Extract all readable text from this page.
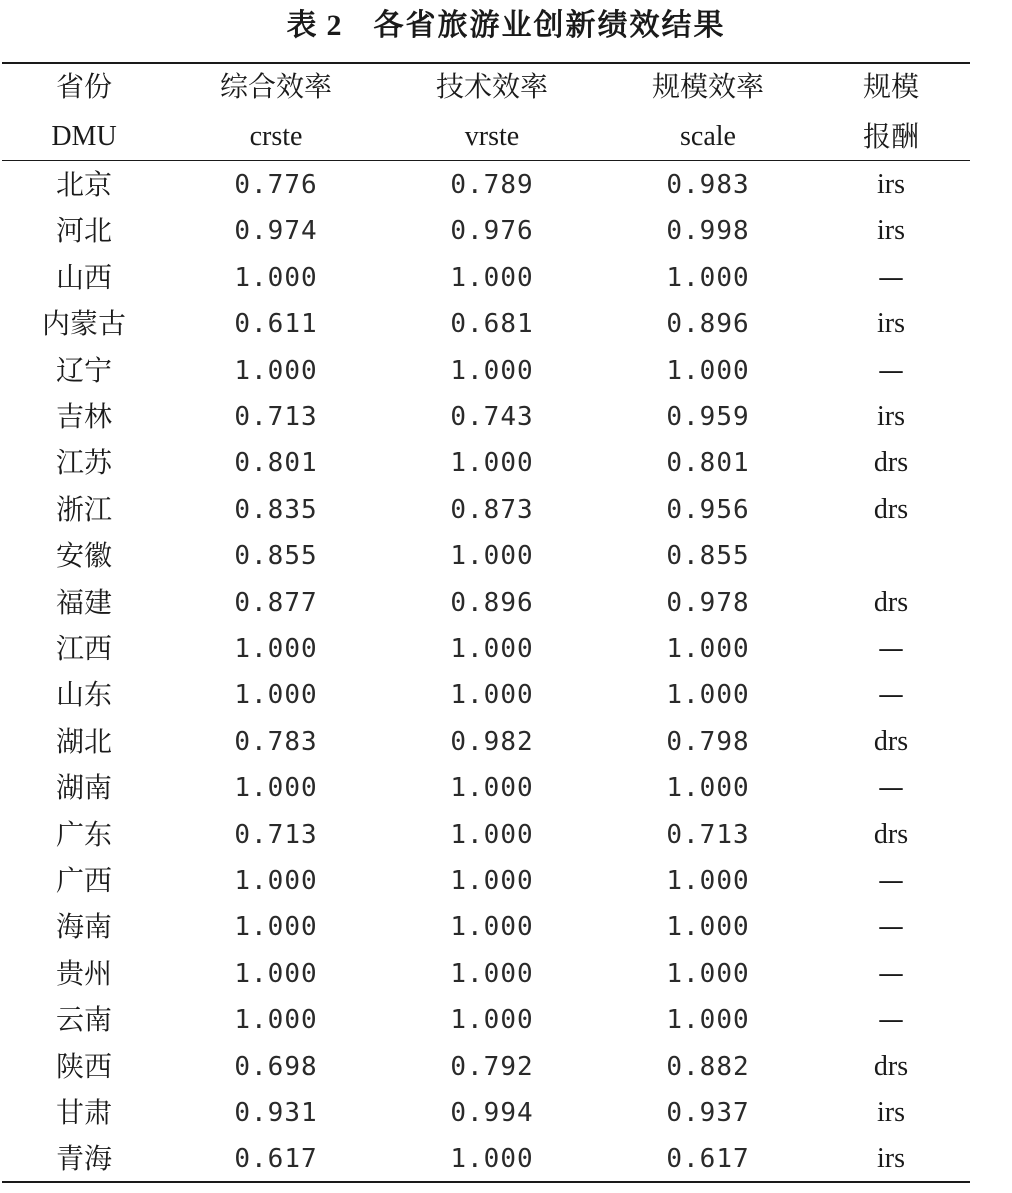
表 2 各省旅游业创新绩效结果
省份	综合效率	技术效率	规模效率	规模
DMU	crste	vrste	scale	报酬
北京	0.776	0.789	0.983	irs
河北	0.974	0.976	0.998	irs
山西	1.000	1.000	1.000	—
内蒙古	0.611	0.681	0.896	irs
辽宁	1.000	1.000	1.000	—
吉林	0.713	0.743	0.959	irs
江苏	0.801	1.000	0.801	drs
浙江	0.835	0.873	0.956	drs
安徽	0.855	1.000	0.855
福建	0.877	0.896	0.978	drs
江西	1.000	1.000	1.000	—
山东	1.000	1.000	1.000	—
湖北	0.783	0.982	0.798	drs
湖南	1.000	1.000	1.000	—
广东	0.713	1.000	0.713	drs
广西	1.000	1.000	1.000	—
海南	1.000	1.000	1.000	—
贵州	1.000	1.000	1.000	—
云南	1.000	1.000	1.000	—
陕西	0.698	0.792	0.882	drs
甘肃	0.931	0.994	0.937	irs
青海	0.617	1.000	0.617	irs
